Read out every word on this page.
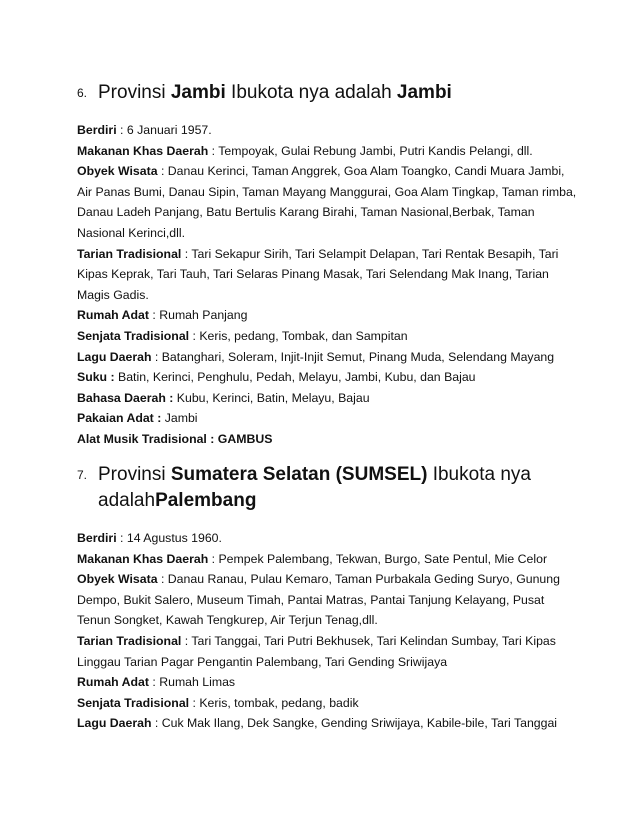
6. Provinsi Jambi Ibukota nya adalah Jambi
Berdiri : 6 Januari 1957.
Makanan Khas Daerah : Tempoyak, Gulai Rebung Jambi, Putri Kandis Pelangi, dll.
Obyek Wisata : Danau Kerinci, Taman Anggrek, Goa Alam Toangko, Candi Muara Jambi, Air Panas Bumi, Danau Sipin, Taman Mayang Manggurai, Goa Alam Tingkap, Taman rimba, Danau Ladeh Panjang, Batu Bertulis Karang Birahi, Taman Nasional,Berbak, Taman Nasional Kerinci,dll.
Tarian Tradisional : Tari Sekapur Sirih, Tari Selampit Delapan, Tari Rentak Besapih, Tari Kipas Keprak, Tari Tauh, Tari Selaras Pinang Masak, Tari Selendang Mak Inang, Tarian Magis Gadis.
Rumah Adat : Rumah Panjang
Senjata Tradisional : Keris, pedang, Tombak, dan Sampitan
Lagu Daerah : Batanghari, Soleram, Injit-Injit Semut, Pinang Muda, Selendang Mayang
Suku : Batin, Kerinci, Penghulu, Pedah, Melayu, Jambi, Kubu, dan Bajau
Bahasa Daerah : Kubu, Kerinci, Batin, Melayu, Bajau
Pakaian Adat : Jambi
Alat Musik Tradisional : GAMBUS
7. Provinsi Sumatera Selatan (SUMSEL) Ibukota nya adalahPalembang
Berdiri : 14 Agustus 1960.
Makanan Khas Daerah : Pempek Palembang, Tekwan, Burgo, Sate Pentul, Mie Celor
Obyek Wisata : Danau Ranau, Pulau Kemaro, Taman Purbakala Geding Suryo, Gunung Dempo, Bukit Salero, Museum Timah, Pantai Matras, Pantai Tanjung Kelayang, Pusat Tenun Songket, Kawah Tengkurep, Air Terjun Tenag,dll.
Tarian Tradisional : Tari Tanggai, Tari Putri Bekhusek, Tari Kelindan Sumbay, Tari Kipas Linggau Tarian Pagar Pengantin Palembang, Tari Gending Sriwijaya
Rumah Adat : Rumah Limas
Senjata Tradisional : Keris, tombak, pedang, badik
Lagu Daerah : Cuk Mak Ilang, Dek Sangke, Gending Sriwijaya, Kabile-bile, Tari Tanggai
